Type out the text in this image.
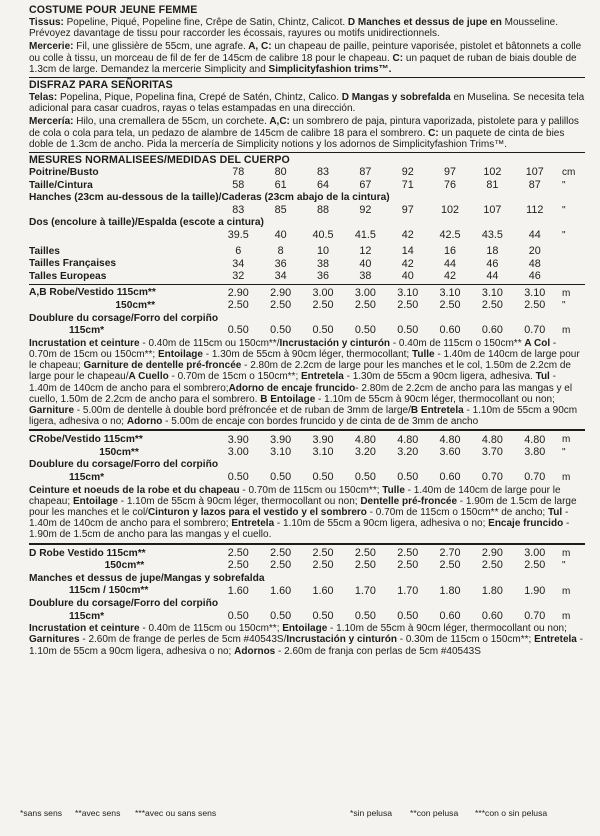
COSTUME POUR JEUNE FEMME

Tissus: Popeline, Piqué, Popeline fine, Crêpe de Satin, Chintz, Calicot. D Manches et dessus de jupe en Mousseline. Prévoyez davantage de tissu pour raccorder les écossais, rayures ou motifs unidirectionnels.

Mercerie: Fil, une glissière de 55cm, une agrafe. A, C: un chapeau de paille, peinture vaporisée, pistolet et bâtonnets a colle ou colle à tissu, un morceau de fil de fer de 145cm de calibre 18 pour le chapeau. C: un paquet de ruban de biais double de 1.3cm de large. Demandez la mercerie Simplicity and Simplicityfashion trims™.

DISFRAZ PARA SEÑORITAS

Telas: Popelina, Pique, Popelina fina, Crepé de Satén, Chintz, Calico. D Mangas y sobrefalda en Muselina. Se necesita tela adicional para casar cuadros, rayas o telas estampadas en una dirección.

Mercería: Hilo, una cremallera de 55cm, un corchete. A,C: un sombrero de paja, pintura vaporizada, pistolete para y palillos de cola o cola para tela, un pedazo de alambre de 145cm de calibre 18 para el sombrero. C: un paquete de cinta de bies doble de 1.3cm de ancho. Pida la mercería de Simplicity notions y los adornos de Simplicityfashion Trims™.

MESURES NORMALISEES/MEDIDAS DEL CUERPO
Poitrine/Busto	78	80	83	87	92	97	102	107	cm
Taille/Cintura	58	61	64	67	71	76	81	87	"
Hanches (23cm au-dessous de la taille)/Caderas (23cm abajo de la cintura)									
	83	85	88	92	97	102	107	112	"
Dos (encolure à taille)/Espalda (escote a cintura)									
	39.5	40	40.5	41.5	42	42.5	43.5	44	"
Tailles	6	8	10	12	14	16	18	20	
Tailles Françaises	34	36	38	40	42	44	46	48	
Talles Europeas	32	34	36	38	40	42	44	46	
A,B Robe/Vestido 115cm**	2.90	2.90	3.00	3.00	3.10	3.10	3.10	3.10	m
150cm**	2.50	2.50	2.50	2.50	2.50	2.50	2.50	2.50	"
Doublure du corsage/Forro del corpiño									
115cm*	0.50	0.50	0.50	0.50	0.50	0.60	0.60	0.70	m

Incrustation et ceinture - 0.40m de 115cm ou 150cm**/Incrustación y cinturón - 0.40m de 115cm o 150cm** A Col - 0.70m de 15cm ou 150cm**; Entoilage - 1.30m de 55cm à 90cm léger, thermocollant; Tulle - 1.40m de 140cm de large pour le chapeau; Garniture de dentelle pré-froncée - 2.80m de 2.2cm de large pour les manches et le col, 1.50m de 2.2cm de large pour le chapeau/A Cuello - 0.70m de 15cm o 150cm**; Entretela - 1.30m de 55cm a 90cm ligera, adhesiva. Tul - 1.40m de 140cm de ancho para el sombrero;Adorno de encaje fruncido- 2.80m de 2.2cm de ancho para las mangas y el cuello, 1.50m de 2.2cm de ancho para el sombrero. B Entoilage - 1.10m de 55cm à 90cm léger, thermocollant ou non; Garniture - 5.00m de dentelle à double bord préfroncée et de ruban de 3mm de large/B Entretela - 1.10m de 55cm a 90cm ligera, adhesiva o no; Adorno - 5.00m de encaje con bordes fruncido y de cinta de de 3mm de ancho

CRobe/Vestido 115cm**	3.90	3.90	3.90	4.80	4.80	4.80	4.80	4.80	m
150cm**	3.00	3.10	3.10	3.20	3.20	3.60	3.70	3.80	"
Doublure du corsage/Forro del corpiño									
115cm*	0.50	0.50	0.50	0.50	0.50	0.60	0.70	0.70	m

Ceinture et noeuds de la robe et du chapeau - 0.70m de 115cm ou 150cm**; Tulle - 1.40m de 140cm de large pour le chapeau; Entoilage - 1.10m de 55cm à 90cm léger, thermocollant ou non; Dentelle pré-froncée - 1.90m de 1.5cm de large pour les manches et le col/Cinturon y lazos para el vestido y el sombrero - 0.70m de 115cm o 150cm** de ancho; Tul - 1.40m de 140cm de ancho para el sombrero; Entretela - 1.10m de 55cm a 90cm ligera, adhesiva o no; Encaje fruncido - 1.90m de 1.5cm de ancho para las mangas y el cuello.

D Robe Vestido 115cm**	2.50	2.50	2.50	2.50	2.50	2.70	2.90	3.00	m
150cm**	2.50	2.50	2.50	2.50	2.50	2.50	2.50	2.50	"
Manches et dessus de jupe/Mangas y sobrefalda									
115cm / 150cm**	1.60	1.60	1.60	1.70	1.70	1.80	1.80	1.90	m
Doublure du corsage/Forro del corpiño									
115cm*	0.50	0.50	0.50	0.50	0.50	0.60	0.60	0.70	m

Incrustation et ceinture - 0.40m de 115cm ou 150cm**; Entoilage - 1.10m de 55cm à 90cm léger, thermocollant ou non; Garnitures - 2.60m de frange de perles de 5cm #40543S/Incrustación y cinturón - 0.30m de 115cm o 150cm**; Entretela - 1.10m de 55cm a 90cm ligera, adhesiva o no; Adornos - 2.60m de franja con perlas de 5cm #40543S

*sans sens **avec sens ***avec ou sans sens	*sin pelusa **con pelusa ***con o sin pelusa
